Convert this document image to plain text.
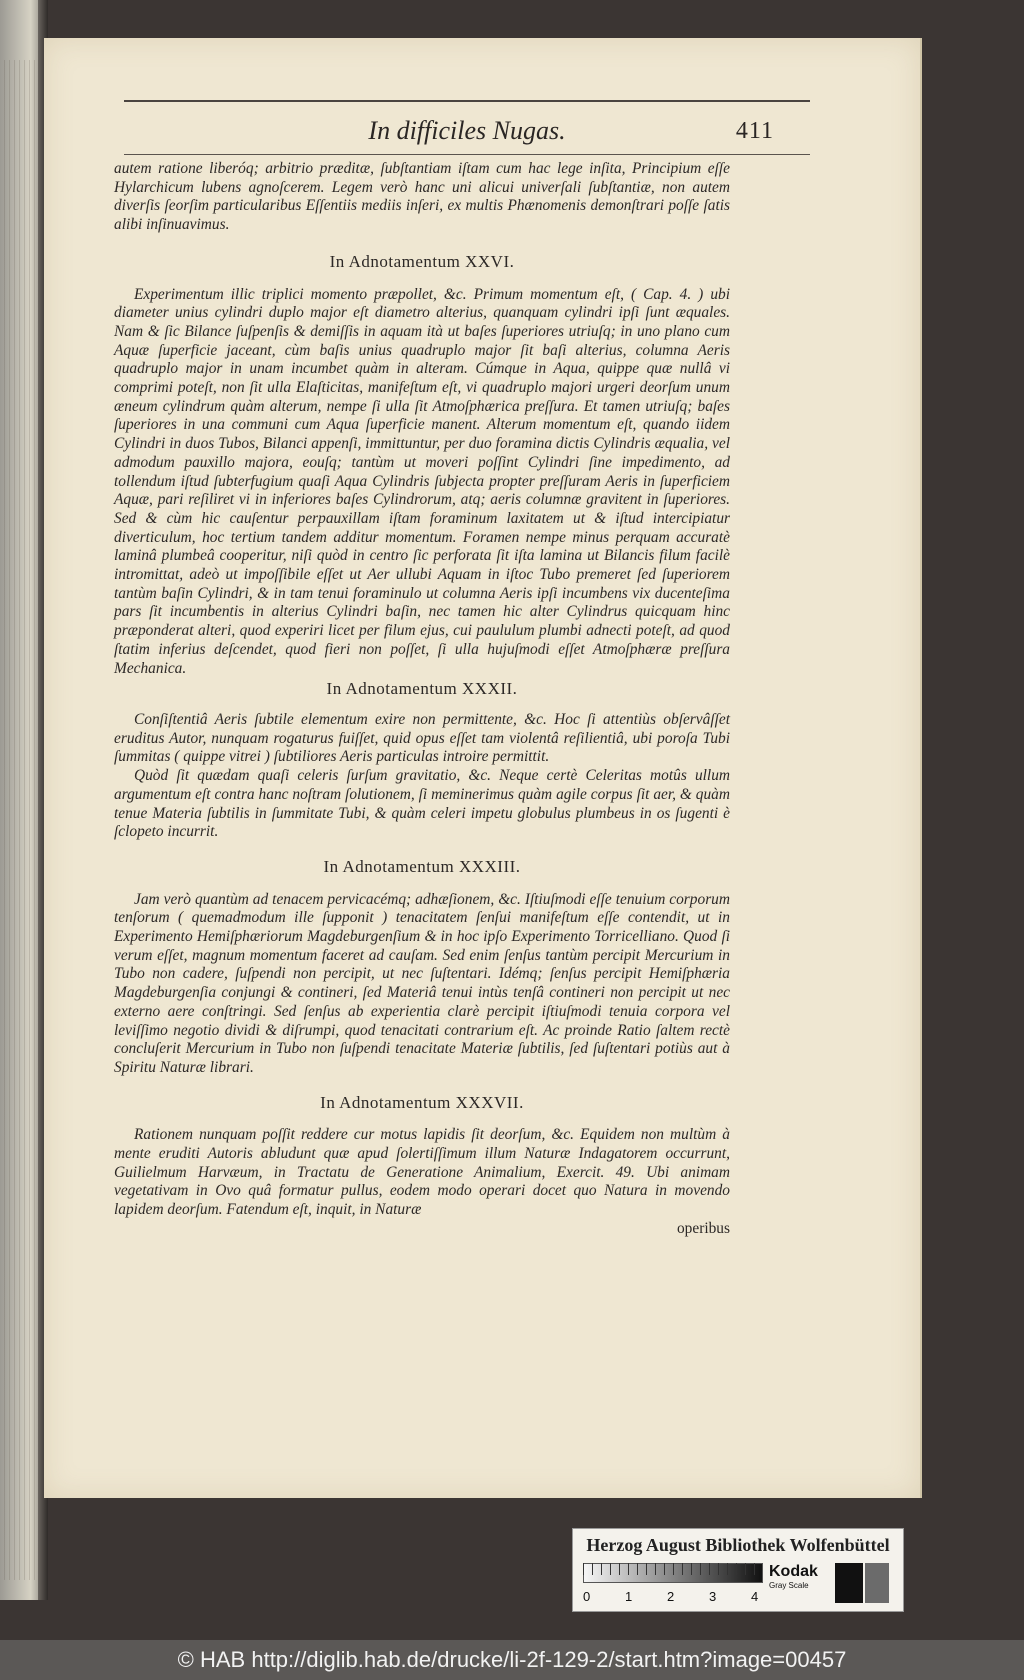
In difficiles Nugas.	411

autem ratione liberóq; arbitrio præditæ, ſubſtantiam iſtam cum hac lege inſita, Principium eſſe Hylarchicum lubens agnoſcerem. Legem verò hanc uni alicui univerſali ſubſtantiæ, non autem diverſis ſeorſim particularibus Eſſentiis mediis inſeri, ex multis Phænomenis demonſtrari poſſe ſatis alibi inſinuavimus.

In Adnotamentum XXVI.

Experimentum illic triplici momento præpollet, &c. Primum momentum eſt, ( Cap. 4. ) ubi diameter unius cylindri duplo major eſt diametro alterius, quanquam cylindri ipſi ſunt æquales. Nam & ſic Bilance ſuſpenſis & demiſſis in aquam ità ut baſes ſuperiores utriuſq; in uno plano cum Aquæ ſuperficie jaceant, cùm baſis unius quadruplo major ſit baſi alterius, columna Aeris quadruplo major in unam incumbet quàm in alteram. Cúmque in Aqua, quippe quæ nullâ vi comprimi poteſt, non ſit ulla Elaſticitas, manifeſtum eſt, vi quadruplo majori urgeri deorſum unum æneum cylindrum quàm alterum, nempe ſi ulla ſit Atmoſphærica preſſura. Et tamen utriuſq; baſes ſuperiores in una communi cum Aqua ſuperficie manent. Alterum momentum eſt, quando iidem Cylindri in duos Tubos, Bilanci appenſi, immittuntur, per duo foramina dictis Cylindris æqualia, vel admodum pauxillo majora, eouſq; tantùm ut moveri poſſint Cylindri ſine impedimento, ad tollendum iſtud ſubterfugium quaſi Aqua Cylindris ſubjecta propter preſſuram Aeris in ſuperficiem Aquæ, pari reſiliret vi in inferiores baſes Cylindrorum, atq; aeris columnæ gravitent in ſuperiores. Sed & cùm hic cauſentur perpauxillam iſtam foraminum laxitatem ut & iſtud intercipiatur diverticulum, hoc tertium tandem additur momentum. Foramen nempe minus perquam accuratè laminâ plumbeâ cooperitur, niſi quòd in centro ſic perforata ſit iſta lamina ut Bilancis filum facilè intromittat, adeò ut impoſſibile eſſet ut Aer ullubi Aquam in iſtoc Tubo premeret ſed ſuperiorem tantùm baſin Cylindri, & in tam tenui foraminulo ut columna Aeris ipſi incumbens vix ducenteſima pars ſit incumbentis in alterius Cylindri baſin, nec tamen hic alter Cylindrus quicquam hinc præponderat alteri, quod experiri licet per filum ejus, cui paululum plumbi adnecti poteſt, ad quod ſtatim inferius deſcendet, quod fieri non poſſet, ſi ulla hujuſmodi eſſet Atmoſphæræ preſſura Mechanica.

In Adnotamentum XXXII.

Conſiſtentiâ Aeris ſubtile elementum exire non permittente, &c. Hoc ſi attentiùs obſervâſſet eruditus Autor, nunquam rogaturus fuiſſet, quid opus eſſet tam violentâ reſilientiâ, ubi poroſa Tubi ſummitas ( quippe vitrei ) ſubtiliores Aeris particulas introire permittit.

Quòd ſit quædam quaſi celeris ſurſum gravitatio, &c. Neque certè Celeritas motûs ullum argumentum eſt contra hanc noſtram ſolutionem, ſi meminerimus quàm agile corpus ſit aer, & quàm tenue Materia ſubtilis in ſummitate Tubi, & quàm celeri impetu globulus plumbeus in os ſugenti è ſclopeto incurrit.

In Adnotamentum XXXIII.

Jam verò quantùm ad tenacem pervicacémq; adhæſionem, &c. Iſtiuſmodi eſſe tenuium corporum tenſorum ( quemadmodum ille ſupponit ) tenacitatem ſenſui manifeſtum eſſe contendit, ut in Experimento Hemiſphæriorum Magdeburgenſium & in hoc ipſo Experimento Torricelliano. Quod ſi verum eſſet, magnum momentum faceret ad cauſam. Sed enim ſenſus tantùm percipit Mercurium in Tubo non cadere, ſuſpendi non percipit, ut nec ſuſtentari. Idémq; ſenſus percipit Hemiſphæria Magdeburgenſia conjungi & contineri, ſed Materiâ tenui intùs tenſâ contineri non percipit ut nec externo aere conſtringi. Sed ſenſus ab experientia clarè percipit iſtiuſmodi tenuia corpora vel leviſſimo negotio dividi & diſrumpi, quod tenacitati contrarium eſt. Ac proinde Ratio ſaltem rectè concluſerit Mercurium in Tubo non ſuſpendi tenacitate Materiæ ſubtilis, ſed ſuſtentari potiùs aut à Spiritu Naturæ librari.

In Adnotamentum XXXVII.

Rationem nunquam poſſit reddere cur motus lapidis ſit deorſum, &c. Equidem non multùm à mente eruditi Autoris abludunt quæ apud ſolertiſſimum illum Naturæ Indagatorem occurrunt, Guilielmum Harvæum, in Tractatu de Generatione Animalium, Exercit. 49. Ubi animam vegetativam in Ovo quâ formatur pullus, eodem modo operari docet quo Natura in movendo lapidem deorſum. Fatendum eſt, inquit, in Naturæ

operibus
Herzog August Bibliothek Wolfenbüttel
0	1	2	3	4
Kodak
Gray Scale
© HAB http://diglib.hab.de/drucke/li-2f-129-2/start.htm?image=00457
